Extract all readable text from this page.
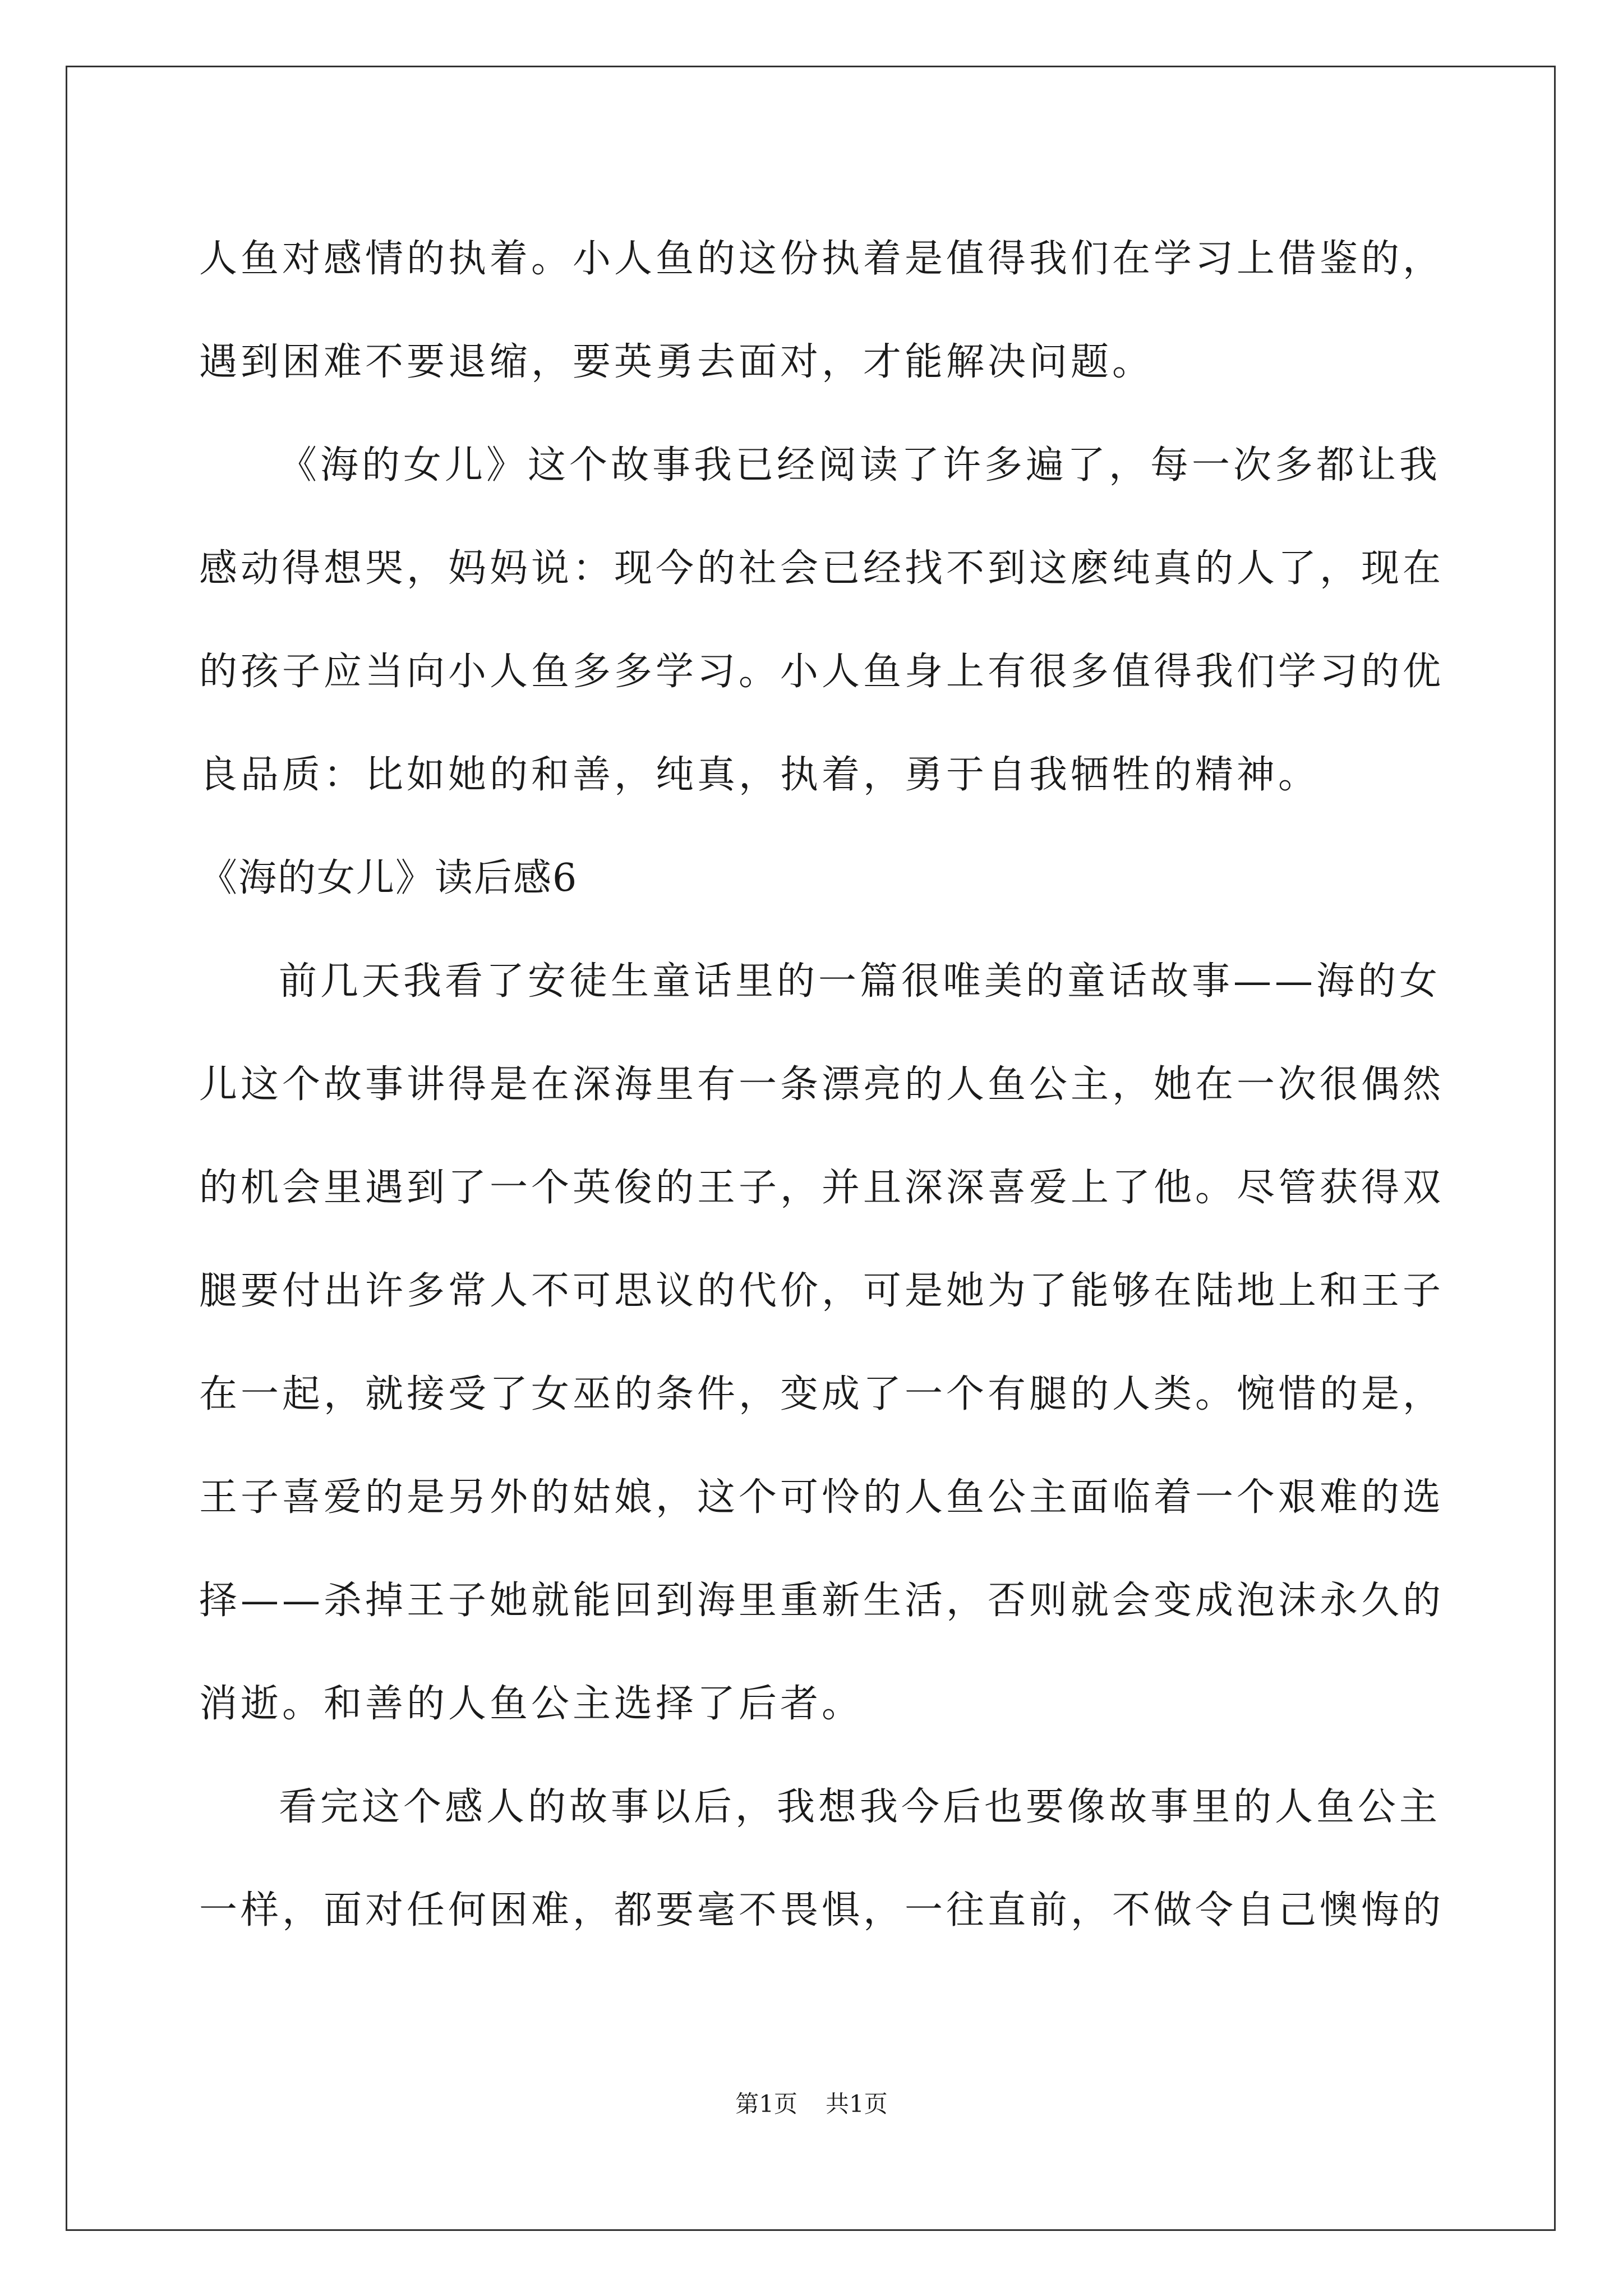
人鱼对感情的执着。小人鱼的这份执着是值得我们在学习上借鉴的，
遇到困难不要退缩，要英勇去面对，才能解决问题。
《海的女儿》这个故事我已经阅读了许多遍了，每一次多都让我
感动得想哭，妈妈说：现今的社会已经找不到这麽纯真的人了，现在
的孩子应当向小人鱼多多学习。小人鱼身上有很多值得我们学习的优
良品质：比如她的和善，纯真，执着，勇于自我牺牲的精神。
《海的女儿》读后感6
前几天我看了安徒生童话里的一篇很唯美的童话故事——海的女
儿这个故事讲得是在深海里有一条漂亮的人鱼公主，她在一次很偶然
的机会里遇到了一个英俊的王子，并且深深喜爱上了他。尽管获得双
腿要付出许多常人不可思议的代价，可是她为了能够在陆地上和王子
在一起，就接受了女巫的条件，变成了一个有腿的人类。惋惜的是，
王子喜爱的是另外的姑娘，这个可怜的人鱼公主面临着一个艰难的选
择——杀掉王子她就能回到海里重新生活，否则就会变成泡沫永久的
消逝。和善的人鱼公主选择了后者。
看完这个感人的故事以后，我想我今后也要像故事里的人鱼公主
一样，面对任何困难，都要毫不畏惧，一往直前，不做令自己懊悔的
第1页 共1页
